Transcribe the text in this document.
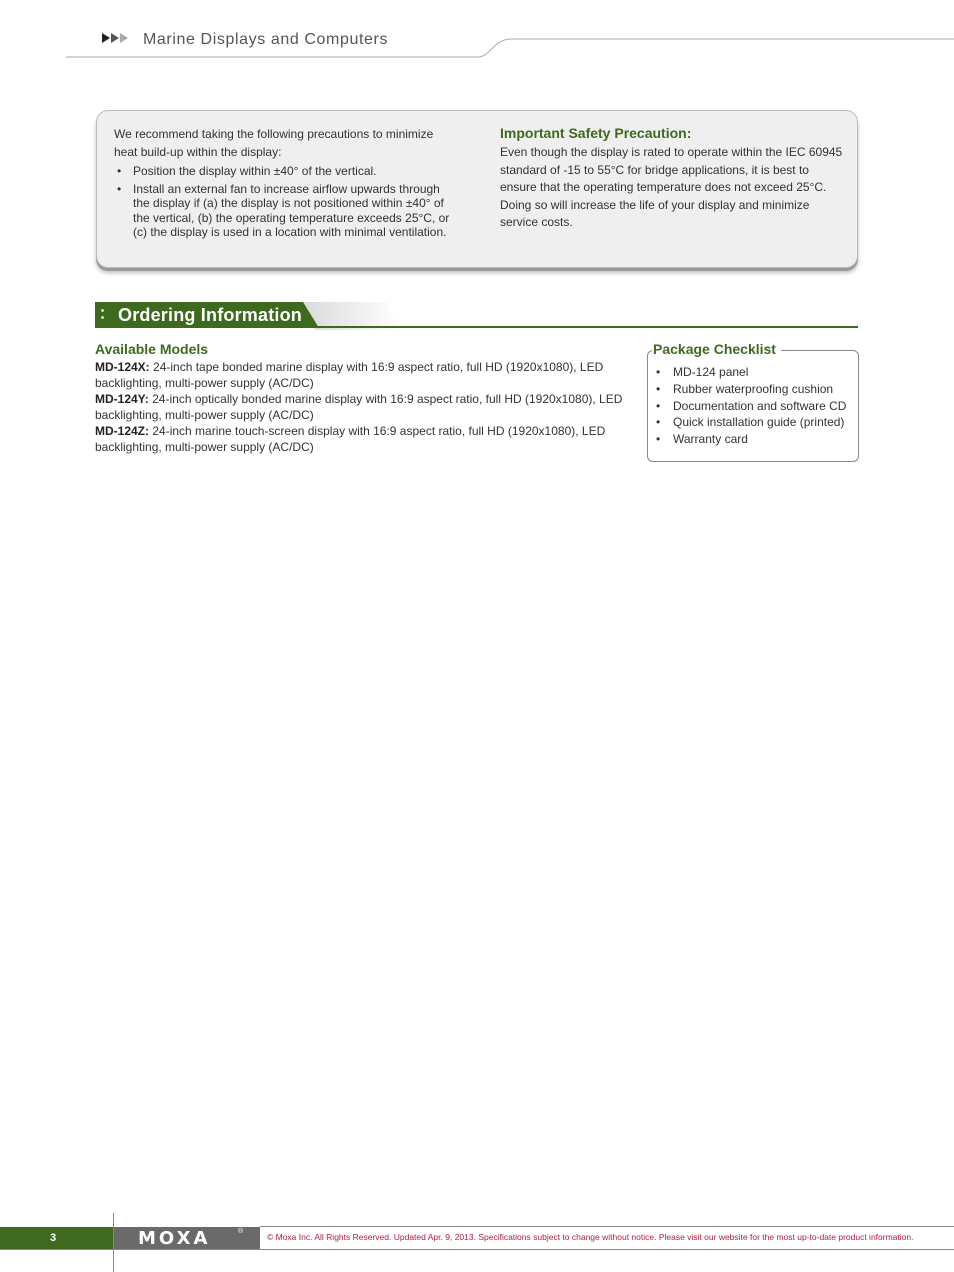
Marine Displays and Computers
We recommend taking the following precautions to minimize heat build-up within the display:
• Position the display within ±40° of the vertical.
• Install an external fan to increase airflow upwards through the display if (a) the display is not positioned within ±40° of the vertical, (b) the operating temperature exceeds 25°C, or (c) the display is used in a location with minimal ventilation.
Important Safety Precaution:

Even though the display is rated to operate within the IEC 60945 standard of -15 to 55°C for bridge applications, it is best to ensure that the operating temperature does not exceed 25°C. Doing so will increase the life of your display and minimize service costs.

Ordering Information
Available Models

MD-124X: 24-inch tape bonded marine display with 16:9 aspect ratio, full HD (1920x1080), LED backlighting, multi-power supply (AC/DC)

MD-124Y: 24-inch optically bonded marine display with 16:9 aspect ratio, full HD (1920x1080), LED backlighting, multi-power supply (AC/DC)

MD-124Z: 24-inch marine touch-screen display with 16:9 aspect ratio, full HD (1920x1080), LED backlighting, multi-power supply (AC/DC)

Package Checklist
• MD-124 panel
• Rubber waterproofing cushion
• Documentation and software CD
• Quick installation guide (printed)
• Warranty card
3	MOXA	®
© Moxa Inc. All Rights Reserved. Updated Apr. 9, 2013. Specifications subject to change without notice. Please visit our website for the most up-to-date product information.
